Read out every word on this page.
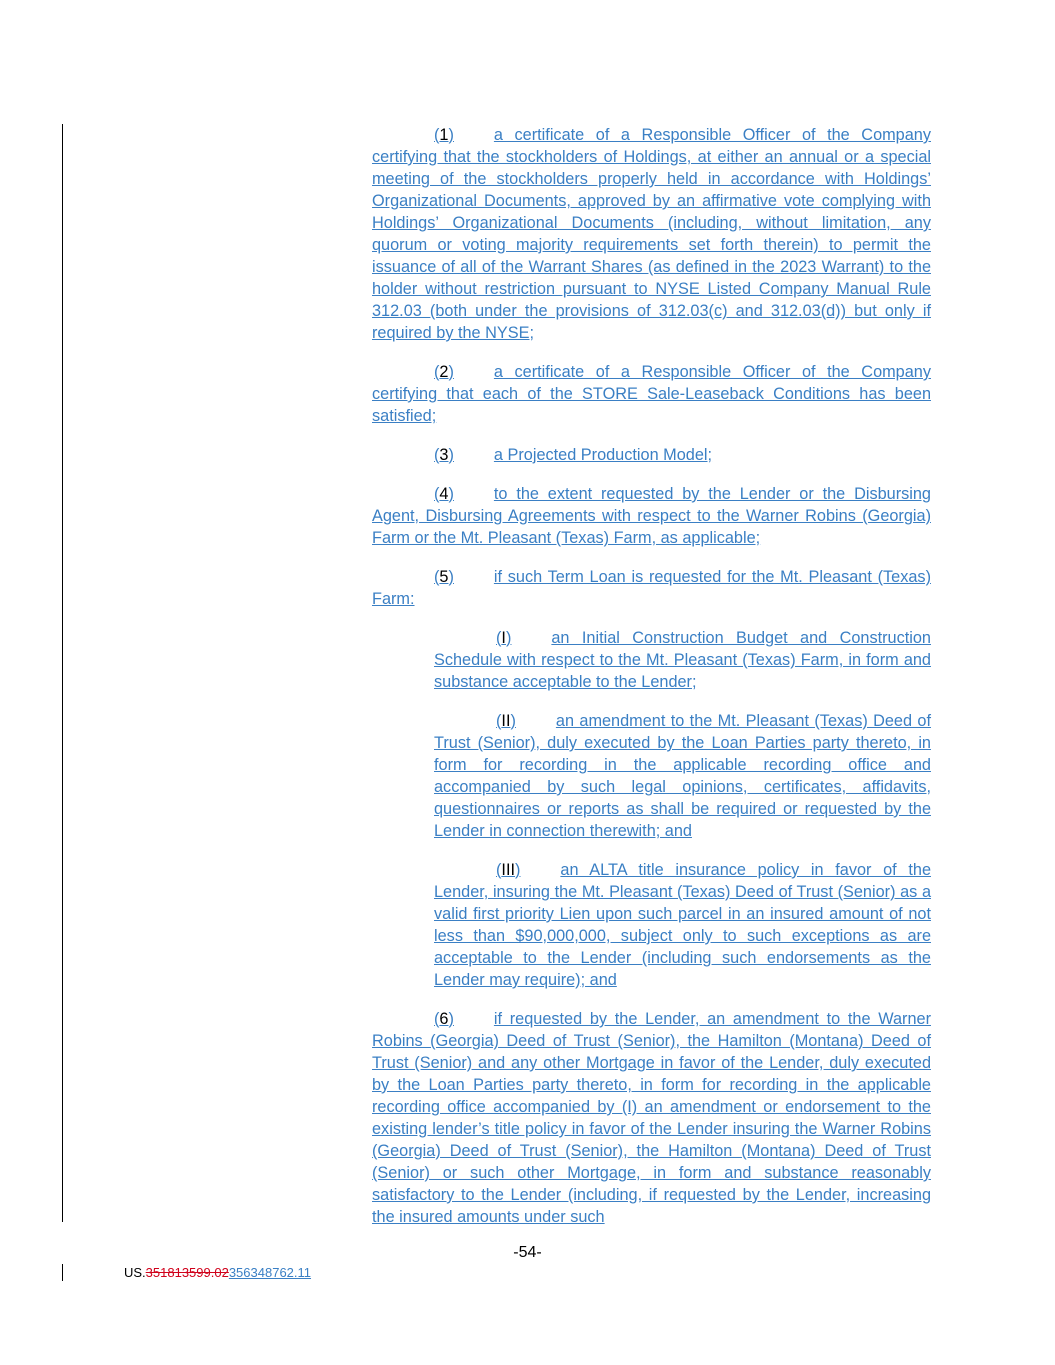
(1) a certificate of a Responsible Officer of the Company certifying that the stockholders of Holdings, at either an annual or a special meeting of the stockholders properly held in accordance with Holdings’ Organizational Documents, approved by an affirmative vote complying with Holdings’ Organizational Documents (including, without limitation, any quorum or voting majority requirements set forth therein) to permit the issuance of all of the Warrant Shares (as defined in the 2023 Warrant) to the holder without restriction pursuant to NYSE Listed Company Manual Rule 312.03 (both under the provisions of 312.03(c) and 312.03(d)) but only if required by the NYSE;

(2) a certificate of a Responsible Officer of the Company certifying that each of the STORE Sale-Leaseback Conditions has been satisfied;

(3) a Projected Production Model;

(4) to the extent requested by the Lender or the Disbursing Agent, Disbursing Agreements with respect to the Warner Robins (Georgia) Farm or the Mt. Pleasant (Texas) Farm, as applicable;

(5) if such Term Loan is requested for the Mt. Pleasant (Texas) Farm:

(I) an Initial Construction Budget and Construction Schedule with respect to the Mt. Pleasant (Texas) Farm, in form and substance acceptable to the Lender;

(II) an amendment to the Mt. Pleasant (Texas) Deed of Trust (Senior), duly executed by the Loan Parties party thereto, in form for recording in the applicable recording office and accompanied by such legal opinions, certificates, affidavits, questionnaires or reports as shall be required or requested by the Lender in connection therewith; and

(III) an ALTA title insurance policy in favor of the Lender, insuring the Mt. Pleasant (Texas) Deed of Trust (Senior) as a valid first priority Lien upon such parcel in an insured amount of not less than $90,000,000, subject only to such exceptions as are acceptable to the Lender (including such endorsements as the Lender may require); and

(6) if requested by the Lender, an amendment to the Warner Robins (Georgia) Deed of Trust (Senior), the Hamilton (Montana) Deed of Trust (Senior) and any other Mortgage in favor of the Lender, duly executed by the Loan Parties party thereto, in form for recording in the applicable recording office accompanied by (I) an amendment or endorsement to the existing lender’s title policy in favor of the Lender insuring the Warner Robins (Georgia) Deed of Trust (Senior), the Hamilton (Montana) Deed of Trust (Senior) or such other Mortgage, in form and substance reasonably satisfactory to the Lender (including, if requested by the Lender, increasing the insured amounts under such

-54-
US.351813599.02356348762.11
